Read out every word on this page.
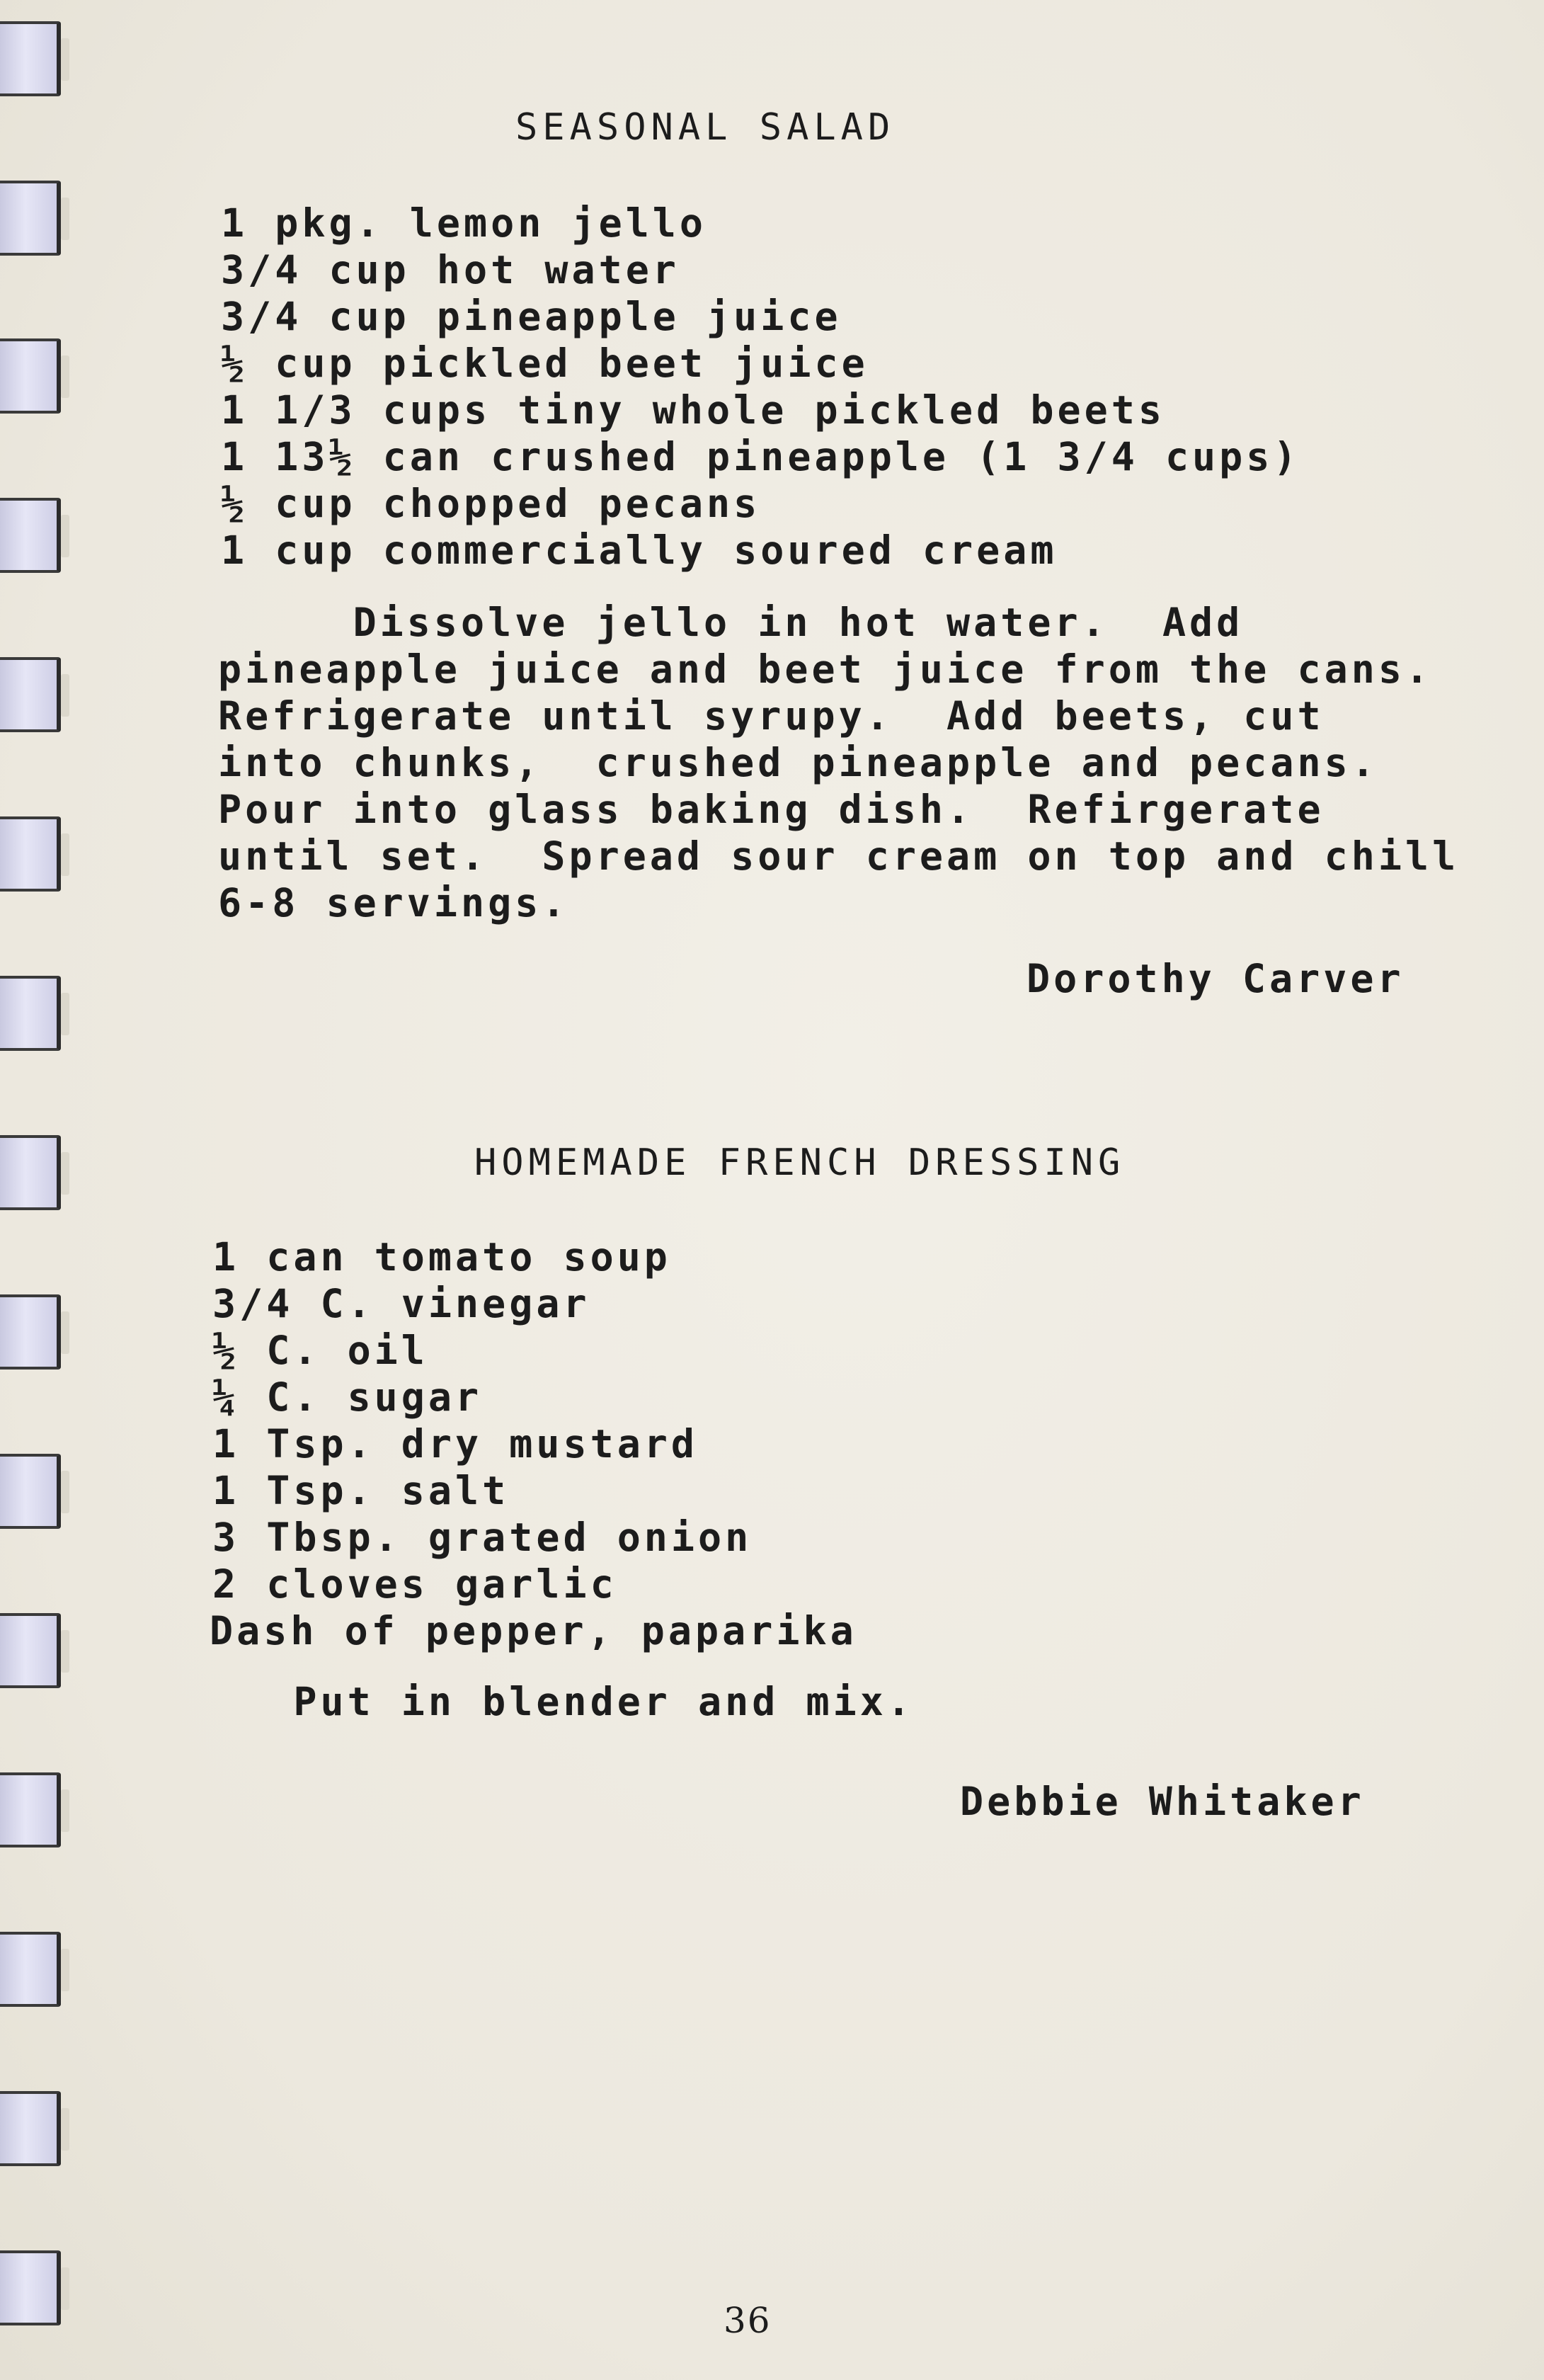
SEASONAL SALAD
1 pkg. lemon jello
3/4 cup hot water
3/4 cup pineapple juice
½ cup pickled beet juice
1 1/3 cups tiny whole pickled beets
1 13½ can crushed pineapple (1 3/4 cups)
½ cup chopped pecans
1 cup commercially soured cream
Dissolve jello in hot water.  Add
pineapple juice and beet juice from the cans.
Refrigerate until syrupy.  Add beets, cut
into chunks,  crushed pineapple and pecans.
Pour into glass baking dish.  Refirgerate
until set.  Spread sour cream on top and chill
6-8 servings.
Dorothy Carver
HOMEMADE FRENCH DRESSING
1 can tomato soup
3/4 C. vinegar
½ C. oil
¼ C. sugar
1 Tsp. dry mustard
1 Tsp. salt
3 Tbsp. grated onion
2 cloves garlic
Dash of pepper, paparika
Put in blender and mix.
Debbie Whitaker
36
